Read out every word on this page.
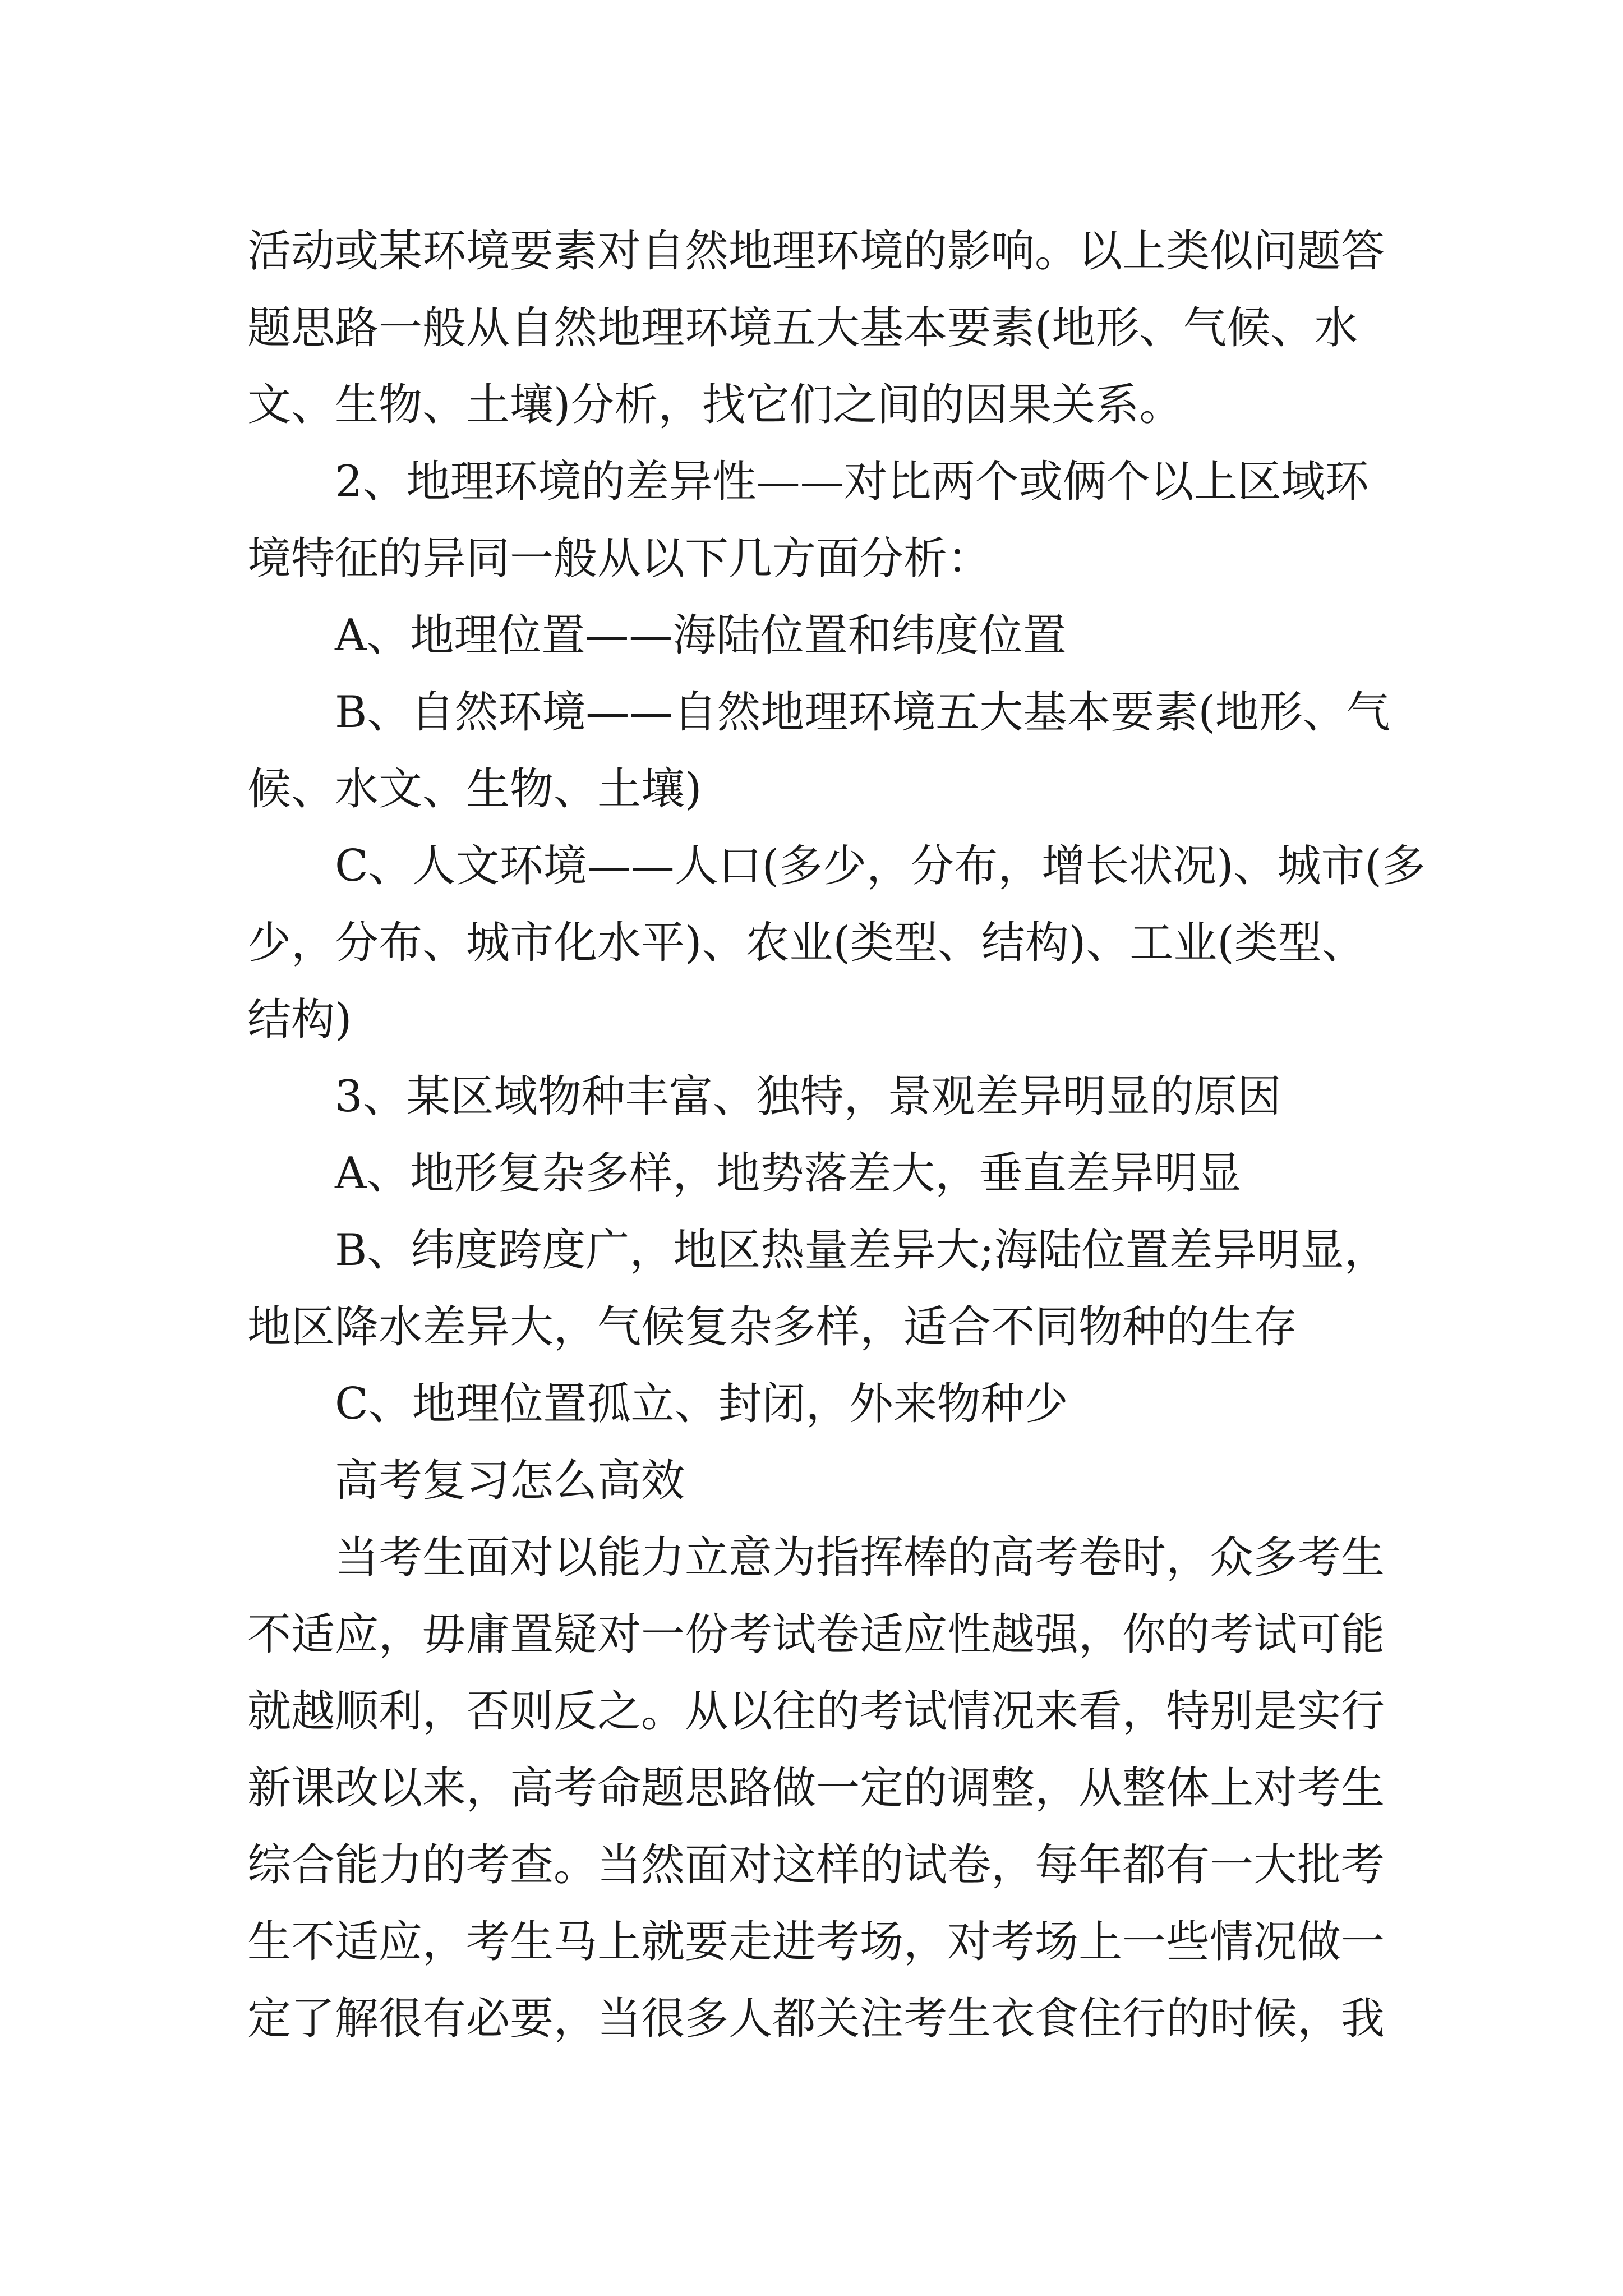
活动或某环境要素对自然地理环境的影响。以上类似问题答
题思路一般从自然地理环境五大基本要素(地形、气候、水
文、生物、土壤)分析，找它们之间的因果关系。
2、地理环境的差异性——对比两个或俩个以上区域环
境特征的异同一般从以下几方面分析：
A、地理位置——海陆位置和纬度位置
B、自然环境——自然地理环境五大基本要素(地形、气
候、水文、生物、土壤)
C、人文环境——人口(多少，分布，增长状况)、城市(多
少，分布、城市化水平)、农业(类型、结构)、工业(类型、
结构)
3、某区域物种丰富、独特，景观差异明显的原因
A、地形复杂多样，地势落差大，垂直差异明显
B、纬度跨度广，地区热量差异大;海陆位置差异明显，
地区降水差异大，气候复杂多样，适合不同物种的生存
C、地理位置孤立、封闭，外来物种少
高考复习怎么高效
当考生面对以能力立意为指挥棒的高考卷时，众多考生
不适应，毋庸置疑对一份考试卷适应性越强，你的考试可能
就越顺利，否则反之。从以往的考试情况来看，特别是实行
新课改以来，高考命题思路做一定的调整，从整体上对考生
综合能力的考查。当然面对这样的试卷，每年都有一大批考
生不适应，考生马上就要走进考场，对考场上一些情况做一
定了解很有必要，当很多人都关注考生衣食住行的时候，我
